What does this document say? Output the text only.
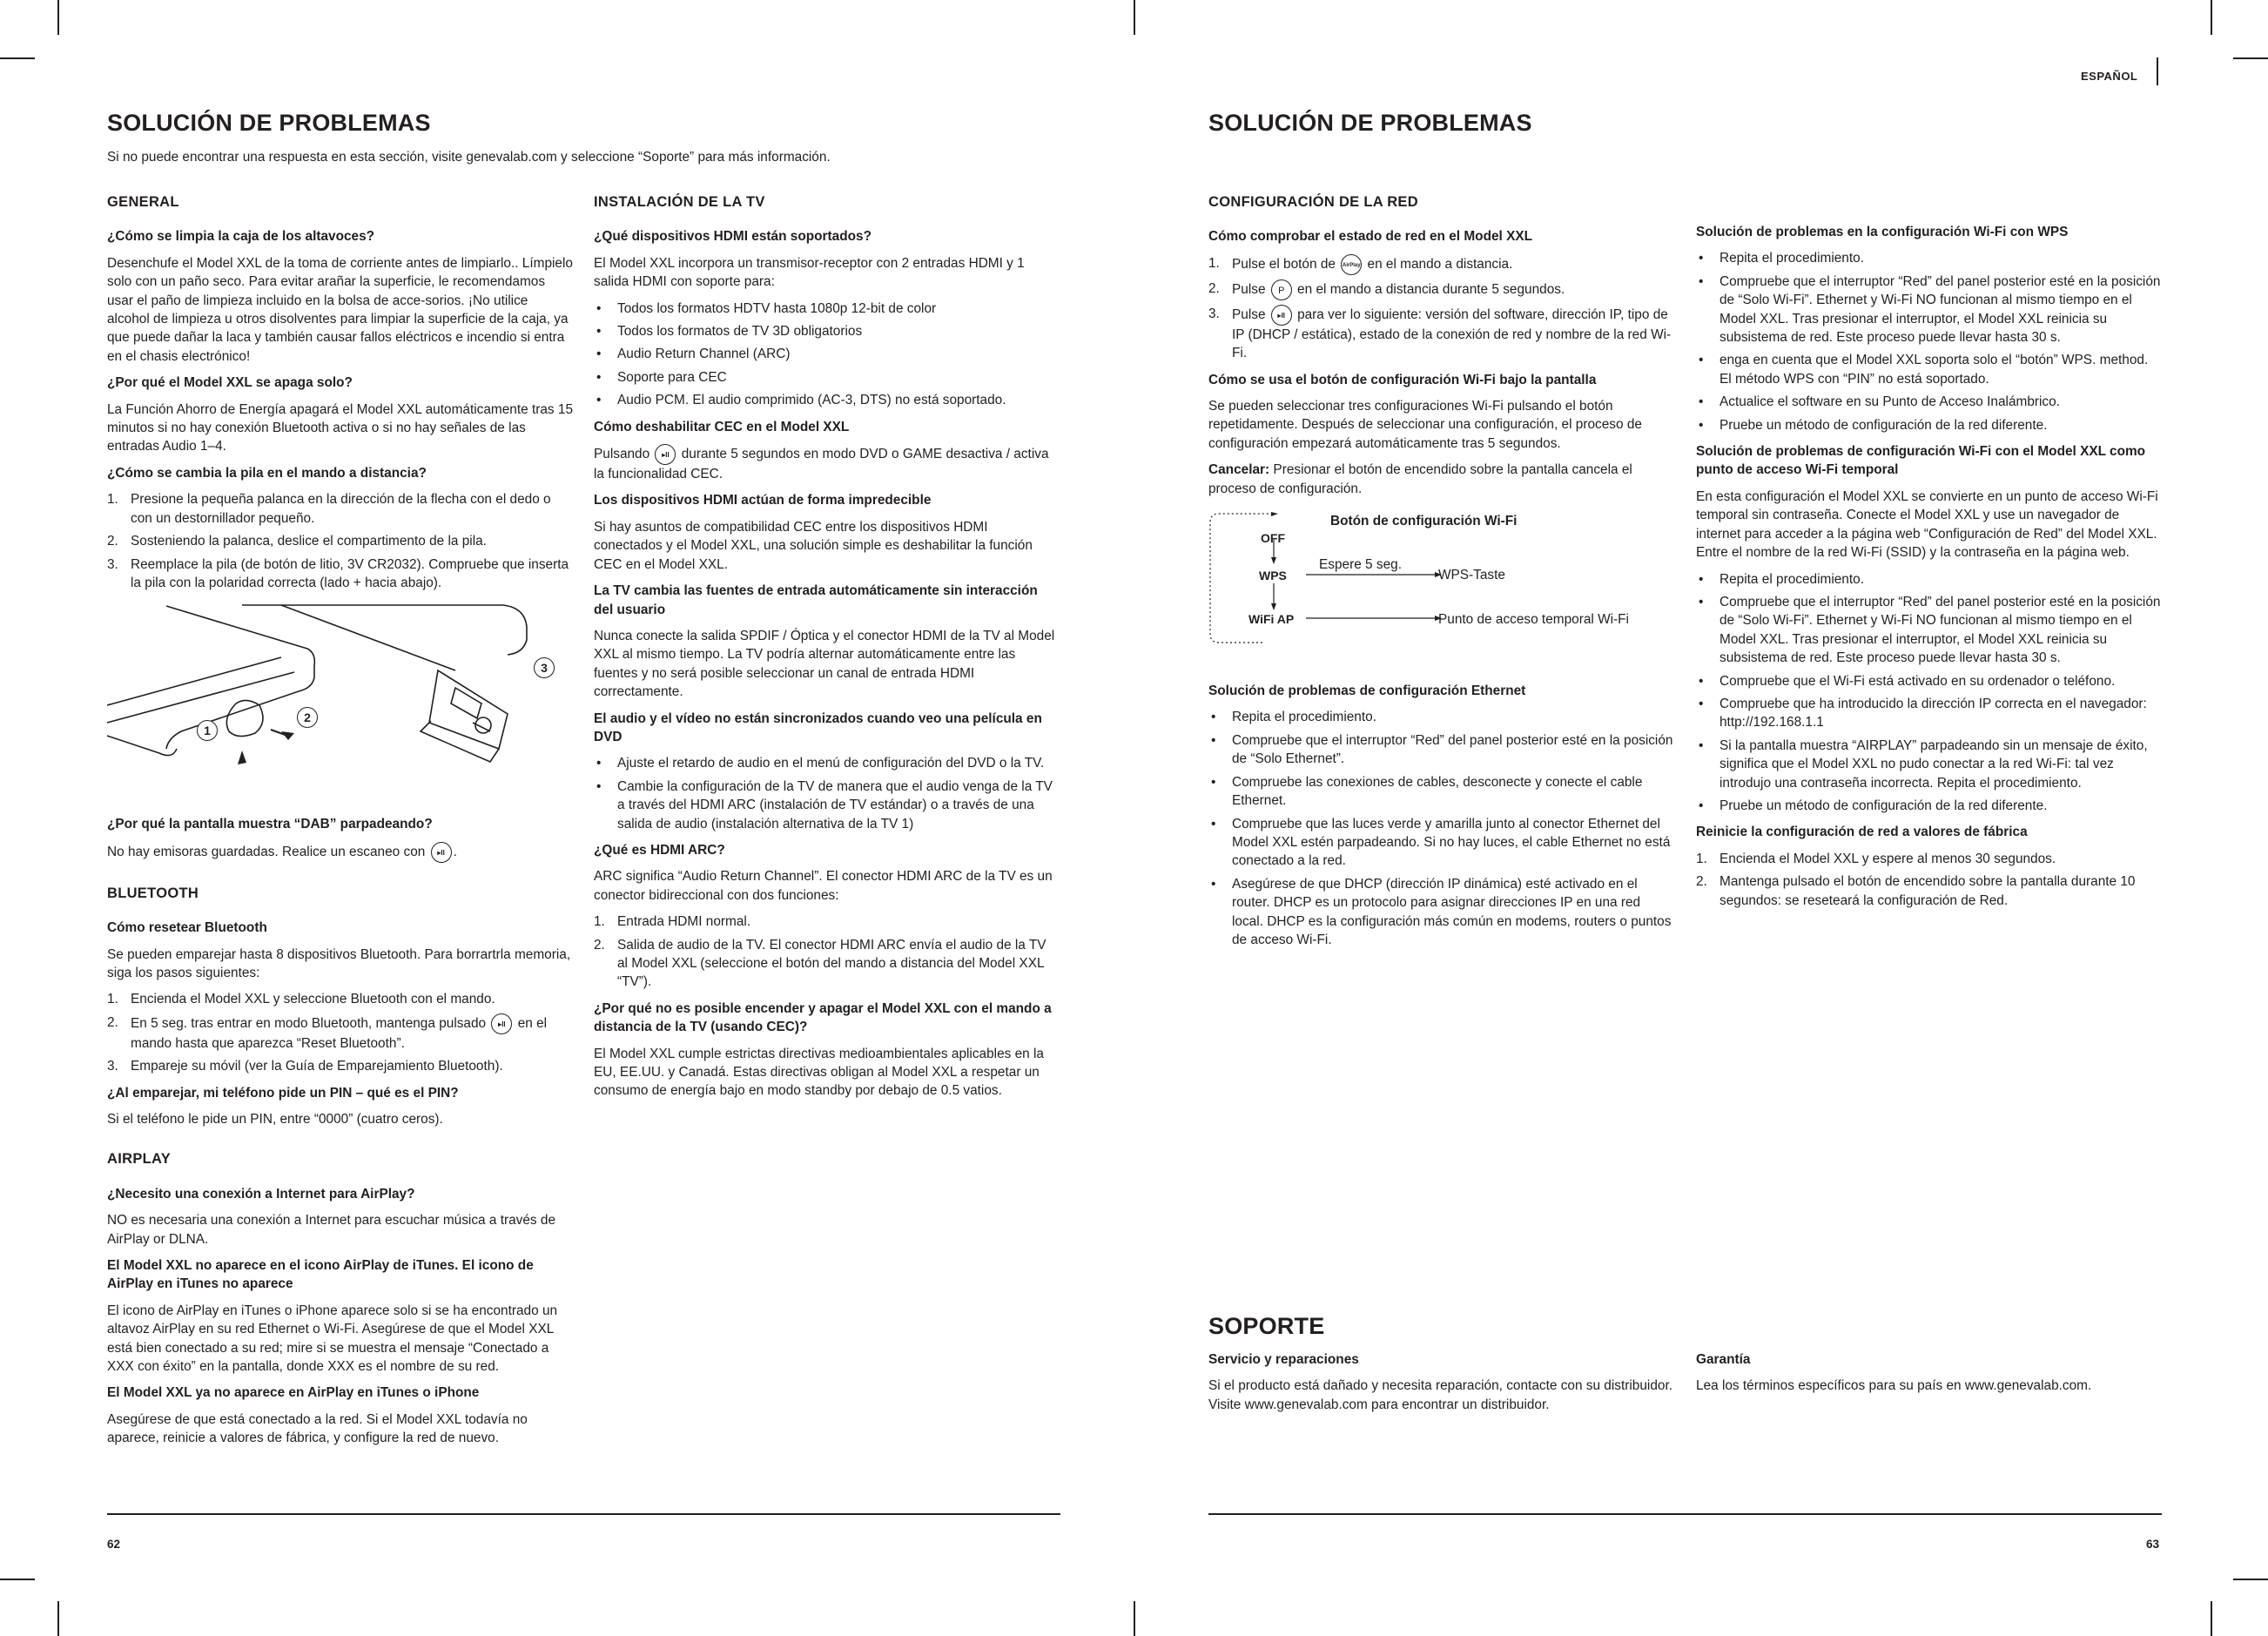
ESPAÑOL
SOLUCIÓN DE PROBLEMAS
Si no puede encontrar una respuesta en esta sección, visite genevalab.com y seleccione “Soporte” para más información.
GENERAL

¿Cómo se limpia la caja de los altavoces?

Desenchufe el Model XXL de la toma de corriente antes de limpiarlo.. Límpielo solo con un paño seco. Para evitar arañar la superficie, le recomendamos usar el paño de limpieza incluido en la bolsa de acce-sorios. ¡No utilice alcohol de limpieza u otros disolventes para limpiar la superficie de la caja, ya que puede dañar la laca y también causar fallos eléctricos e incendio si entra en el chasis electrónico!

¿Por qué el Model XXL se apaga solo?

La Función Ahorro de Energía apagará el Model XXL automáticamente tras 15 minutos si no hay conexión Bluetooth activa o si no hay señales de las entradas Audio 1–4.

¿Cómo se cambia la pila en el mando a distancia?

1. Presione la pequeña palanca en la dirección de la flecha con el dedo o con un destornillador pequeño.
2. Sosteniendo la palanca, deslice el compartimento de la pila.
3. Reemplace la pila (de botón de litio, 3V CR2032). Compruebe que inserta la pila con la polaridad correcta (lado + hacia abajo).
1
2
3

¿Por qué la pantalla muestra “DAB” parpadeando?

No hay emisoras guardadas. Realice un escaneo con ▸II .

BLUETOOTH

Cómo resetear Bluetooth

Se pueden emparejar hasta 8 dispositivos Bluetooth. Para borrartrla memoria, siga los pasos siguientes:

1. Encienda el Model XXL y seleccione Bluetooth con el mando.
2. En 5 seg. tras entrar en modo Bluetooth, mantenga pulsado ▸II en el mando hasta que aparezca “Reset Bluetooth”.
3. Empareje su móvil (ver la Guía de Emparejamiento Bluetooth).

¿Al emparejar, mi teléfono pide un PIN – qué es el PIN?

Si el teléfono le pide un PIN, entre “0000” (cuatro ceros).

AIRPLAY

¿Necesito una conexión a Internet para AirPlay?

NO es necesaria una conexión a Internet para escuchar música a través de AirPlay or DLNA.

El Model XXL no aparece en el icono AirPlay de iTunes. El icono de AirPlay en iTunes no aparece

El icono de AirPlay en iTunes o iPhone aparece solo si se ha encontrado un altavoz AirPlay en su red Ethernet o Wi-Fi. Asegúrese de que el Model XXL está bien conectado a su red; mire si se muestra el mensaje “Conectado a XXX con éxito” en la pantalla, donde XXX es el nombre de su red.

El Model XXL ya no aparece en AirPlay en iTunes o iPhone

Asegúrese de que está conectado a la red. Si el Model XXL todavía no aparece, reinicie a valores de fábrica, y configure la red de nuevo.

INSTALACIÓN DE LA TV

¿Qué dispositivos HDMI están soportados?

El Model XXL incorpora un transmisor-receptor con 2 entradas HDMI y 1 salida HDMI con soporte para:

• Todos los formatos HDTV hasta 1080p 12-bit de color
• Todos los formatos de TV 3D obligatorios
• Audio Return Channel (ARC)
• Soporte para CEC
• Audio PCM. El audio comprimido (AC-3, DTS) no está soportado.

Cómo deshabilitar CEC en el Model XXL

Pulsando ▸II durante 5 segundos en modo DVD o GAME desactiva / activa la funcionalidad CEC.

Los dispositivos HDMI actúan de forma impredecible

Si hay asuntos de compatibilidad CEC entre los dispositivos HDMI conectados y el Model XXL, una solución simple es deshabilitar la función CEC en el Model XXL.

La TV cambia las fuentes de entrada automáticamente sin interacción del usuario

Nunca conecte la salida SPDIF / Óptica y el conector HDMI de la TV al Model XXL al mismo tiempo. La TV podría alternar automáticamente entre las fuentes y no será posible seleccionar un canal de entrada HDMI correctamente.

El audio y el vídeo no están sincronizados cuando veo una película en DVD

• Ajuste el retardo de audio en el menú de configuración del DVD o la TV.
• Cambie la configuración de la TV de manera que el audio venga de la TV a través del HDMI ARC (instalación de TV estándar) o a través de una salida de audio (instalación alternativa de la TV 1)

¿Qué es HDMI ARC?

ARC significa “Audio Return Channel”. El conector HDMI ARC de la TV es un conector bidireccional con dos funciones:

1. Entrada HDMI normal.
2. Salida de audio de la TV. El conector HDMI ARC envía el audio de la TV al Model XXL (seleccione el botón del mando a distancia del Model XXL “TV”).

¿Por qué no es posible encender y apagar el Model XXL con el mando a distancia de la TV (usando CEC)?

El Model XXL cumple estrictas directivas medioambientales aplicables en la EU, EE.UU. y Canadá. Estas directivas obligan al Model XXL a respetar un consumo de energía bajo en modo standby por debajo de 0.5 vatios.

62
SOLUCIÓN DE PROBLEMAS
CONFIGURACIÓN DE LA RED

Cómo comprobar el estado de red en el Model XXL

1. Pulse el botón de AirPlay en el mando a distancia.
2. Pulse P en el mando a distancia durante 5 segundos.
3. Pulse ▸II para ver lo siguiente: versión del software, dirección IP, tipo de IP (DHCP / estática), estado de la conexión de red y nombre de la red Wi-Fi.

Cómo se usa el botón de configuración Wi-Fi bajo la pantalla

Se pueden seleccionar tres configuraciones Wi-Fi pulsando el botón repetidamente. Después de seleccionar una configuración, el proceso de configuración empezará automáticamente tras 5 segundos.

Cancelar: Presionar el botón de encendido sobre la pantalla cancela el proceso de configuración.

Botón de configuración Wi-Fi
OFF
Espere 5 seg.
WPS	WPS-Taste
WiFi AP	Punto de acceso temporal Wi-Fi

Solución de problemas de configuración Ethernet

• Repita el procedimiento.
• Compruebe que el interruptor “Red” del panel posterior esté en la posición de “Solo Ethernet”.
• Compruebe las conexiones de cables, desconecte y conecte el cable Ethernet.
• Compruebe que las luces verde y amarilla junto al conector Ethernet del Model XXL estén parpadeando. Si no hay luces, el cable Ethernet no está conectado a la red.
• Asegúrese de que DHCP (dirección IP dinámica) esté activado en el router. DHCP es un protocolo para asignar direcciones IP en una red local. DHCP es la configuración más común en modems, routers o puntos de acceso Wi-Fi.

Solución de problemas en la configuración Wi-Fi con WPS

• Repita el procedimiento.
• Compruebe que el interruptor “Red” del panel posterior esté en la posición de “Solo Wi-Fi”. Ethernet y Wi-Fi NO funcionan al mismo tiempo en el Model XXL. Tras presionar el interruptor, el Model XXL reinicia su subsistema de red. Este proceso puede llevar hasta 30 s.
• enga en cuenta que el Model XXL soporta solo el “botón” WPS. method. El método WPS con “PIN” no está soportado.
• Actualice el software en su Punto de Acceso Inalámbrico.
• Pruebe un método de configuración de la red diferente.

Solución de problemas de configuración Wi-Fi con el Model XXL como punto de acceso Wi-Fi temporal

En esta configuración el Model XXL se convierte en un punto de acceso Wi-Fi temporal sin contraseña. Conecte el Model XXL y use un navegador de internet para acceder a la página web “Configuración de Red” del Model XXL. Entre el nombre de la red Wi-Fi (SSID) y la contraseña en la página web.

• Repita el procedimiento.
• Compruebe que el interruptor “Red” del panel posterior esté en la posición de “Solo Wi-Fi”. Ethernet y Wi-Fi NO funcionan al mismo tiempo en el Model XXL. Tras presionar el interruptor, el Model XXL reinicia su subsistema de red. Este proceso puede llevar hasta 30 s.
• Compruebe que el Wi-Fi está activado en su ordenador o teléfono.
• Compruebe que ha introducido la dirección IP correcta en el navegador: http://192.168.1.1
• Si la pantalla muestra “AIRPLAY” parpadeando sin un mensaje de éxito, significa que el Model XXL no pudo conectar a la red Wi-Fi: tal vez introdujo una contraseña incorrecta. Repita el procedimiento.
• Pruebe un método de configuración de la red diferente.

Reinicie la configuración de red a valores de fábrica

1. Encienda el Model XXL y espere al menos 30 segundos.
2. Mantenga pulsado el botón de encendido sobre la pantalla durante 10 segundos: se reseteará la configuración de Red.
SOPORTE

Servicio y reparaciones

Si el producto está dañado y necesita reparación, contacte con su distribuidor. Visite www.genevalab.com para encontrar un distribuidor.

Garantía

Lea los términos específicos para su país en www.genevalab.com.

63
